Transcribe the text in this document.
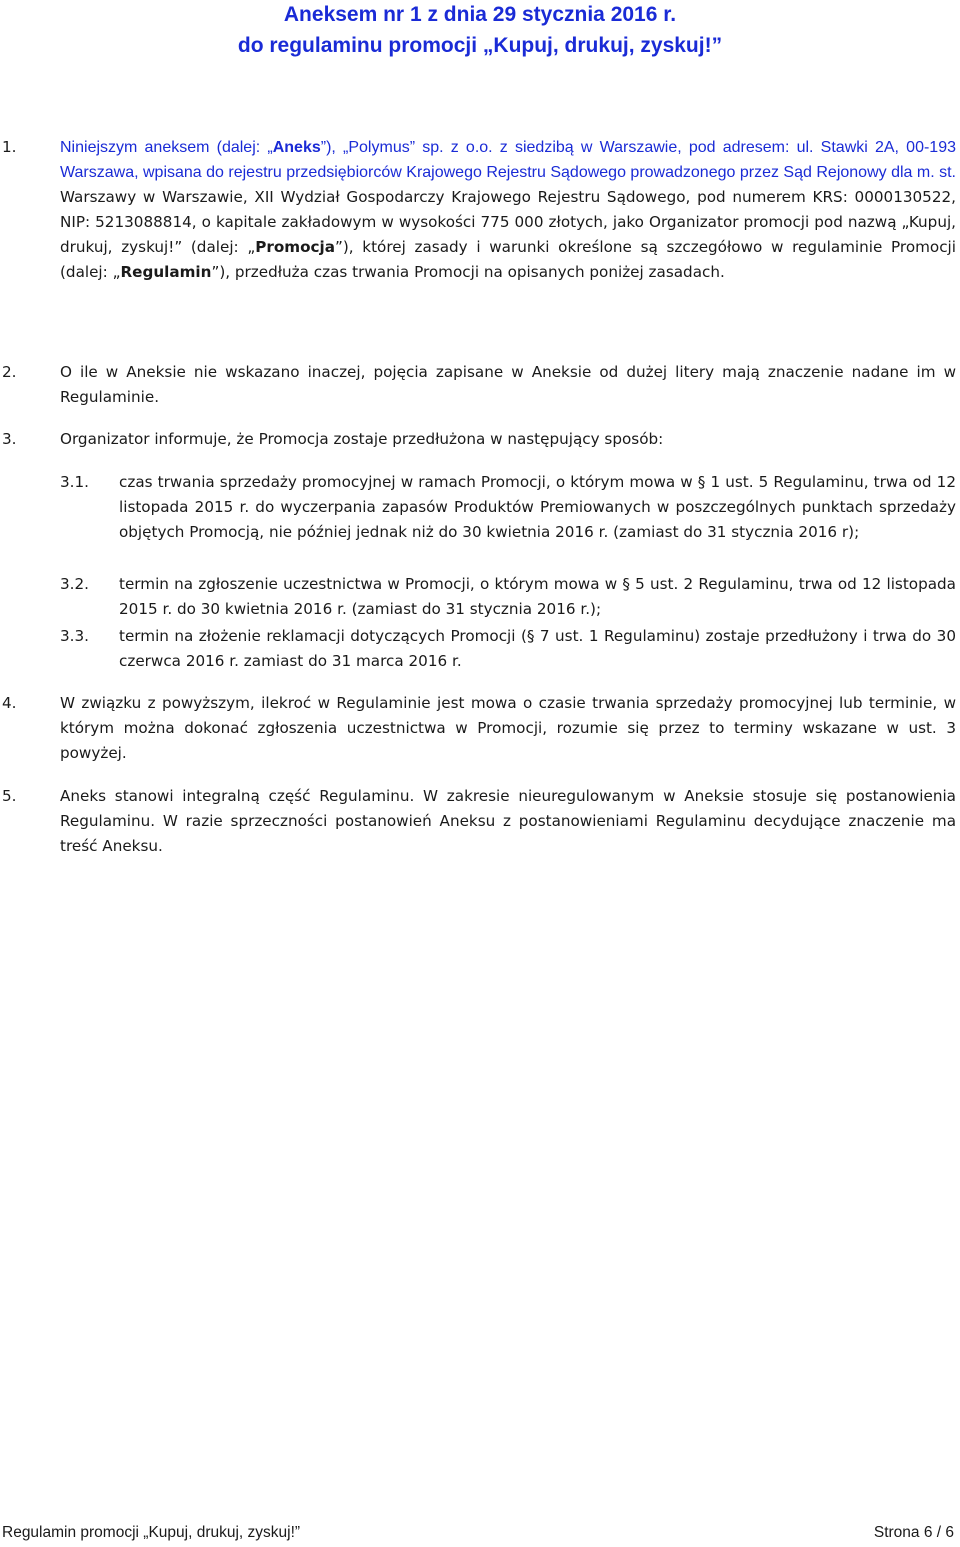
Aneksem nr 1 z dnia 29 stycznia 2016 r.
do regulaminu promocji „Kupuj, drukuj, zyskuj!”
1.	Niniejszym aneksem (dalej: „Aneks”), „Polymus” sp. z o.o. z siedzibą w Warszawie, pod adresem: ul. Stawki 2A, 00-193 Warszawa, wpisana do rejestru przedsiębiorców Krajowego Rejestru Sądowego prowadzonego przez Sąd Rejonowy dla m. st. Warszawy w Warszawie, XII Wydział Gospodarczy Krajowego Rejestru Sądowego, pod numerem KRS: 0000130522, NIP: 5213088814, o kapitale zakładowym w wysokości 775 000 złotych, jako Organizator promocji pod nazwą „Kupuj, drukuj, zyskuj!” (dalej: „Promocja”), której zasady i warunki określone są szczegółowo w regulaminie Promocji (dalej: „Regulamin”), przedłuża czas trwania Promocji na opisanych poniżej zasadach.

2.	O ile w Aneksie nie wskazano inaczej, pojęcia zapisane w Aneksie od dużej litery mają znaczenie nadane im w Regulaminie.

3.	Organizator informuje, że Promocja zostaje przedłużona w następujący sposób:

3.1. czas trwania sprzedaży promocyjnej w ramach Promocji, o którym mowa w § 1 ust. 5 Regulaminu, trwa od 12 listopada 2015 r. do wyczerpania zapasów Produktów Premiowanych w poszczególnych punktach sprzedaży objętych Promocją, nie później jednak niż do 30 kwietnia 2016 r. (zamiast do 31 stycznia 2016 r);

3.2. termin na zgłoszenie uczestnictwa w Promocji, o którym mowa w § 5 ust. 2 Regulaminu, trwa od 12 listopada 2015 r. do 30 kwietnia 2016 r. (zamiast do 31 stycznia 2016 r.);

3.3. termin na złożenie reklamacji dotyczących Promocji (§ 7 ust. 1 Regulaminu) zostaje przedłużony i trwa do 30 czerwca 2016 r. zamiast do 31 marca 2016 r.

4.	W związku z powyższym, ilekroć w Regulaminie jest mowa o czasie trwania sprzedaży promocyjnej lub terminie, w którym można dokonać zgłoszenia uczestnictwa w Promocji, rozumie się przez to terminy wskazane w ust. 3 powyżej.

5.	Aneks stanowi integralną część Regulaminu. W zakresie nieuregulowanym w Aneksie stosuje się postanowienia Regulaminu. W razie sprzeczności postanowień Aneksu z postanowieniami Regulaminu decydujące znaczenie ma treść Aneksu.

Regulamin promocji „Kupuj, drukuj, zyskuj!”	Strona 6 / 6
